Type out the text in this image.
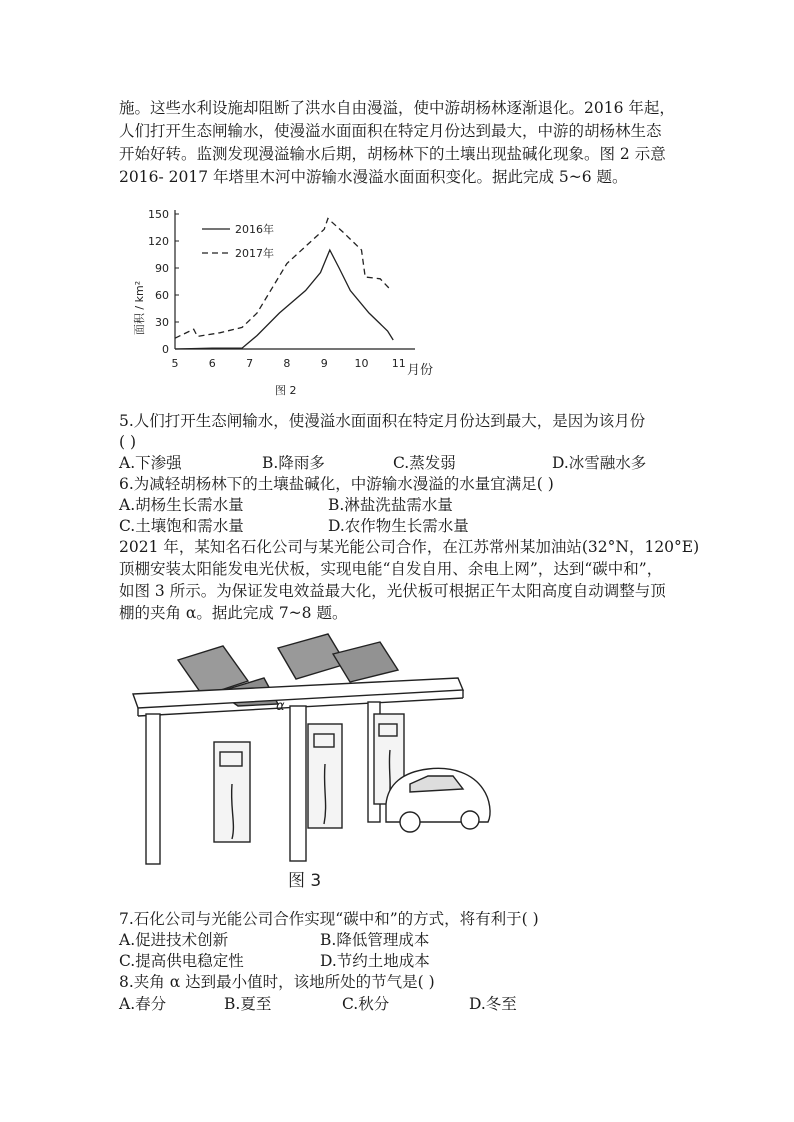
施。这些水利设施却阻断了洪水自由漫溢，使中游胡杨林逐渐退化。2016 年起，
人们打开生态闸输水，使漫溢水面面积在特定月份达到最大，中游的胡杨林生态
开始好转。监测发现漫溢输水后期，胡杨林下的土壤出现盐碱化现象。图 2 示意
2016- 2017 年塔里木河中游输水漫溢水面面积变化。据此完成 5~6 题。
0
30
60
90
120
150
5	6	7	8	9 10 11
2016年
2017年
面积 / km²
月份
图 2
5.人们打开生态闸输水，使漫溢水面面积在特定月份达到最大，是因为该月份
( )
A.下渗强	B.降雨多	C.蒸发弱	D.冰雪融水多
6.为减轻胡杨林下的土壤盐碱化，中游输水漫溢的水量宜满足( )
A.胡杨生长需水量	B.淋盐洗盐需水量
C.土壤饱和需水量	D.农作物生长需水量
2021 年，某知名石化公司与某光能公司合作，在江苏常州某加油站(32°N，120°E)
顶棚安装太阳能发电光伏板，实现电能“自发自用、余电上网”，达到“碳中和”，
如图 3 所示。为保证发电效益最大化，光伏板可根据正午太阳高度自动调整与顶
棚的夹角 α。据此完成 7~8 题。
α
图 3
7.石化公司与光能公司合作实现“碳中和”的方式，将有利于( )
A.促进技术创新	B.降低管理成本
C.提高供电稳定性	D.节约土地成本
8.夹角 α 达到最小值时，该地所处的节气是( )
A.春分	B.夏至	C.秋分	D.冬至
